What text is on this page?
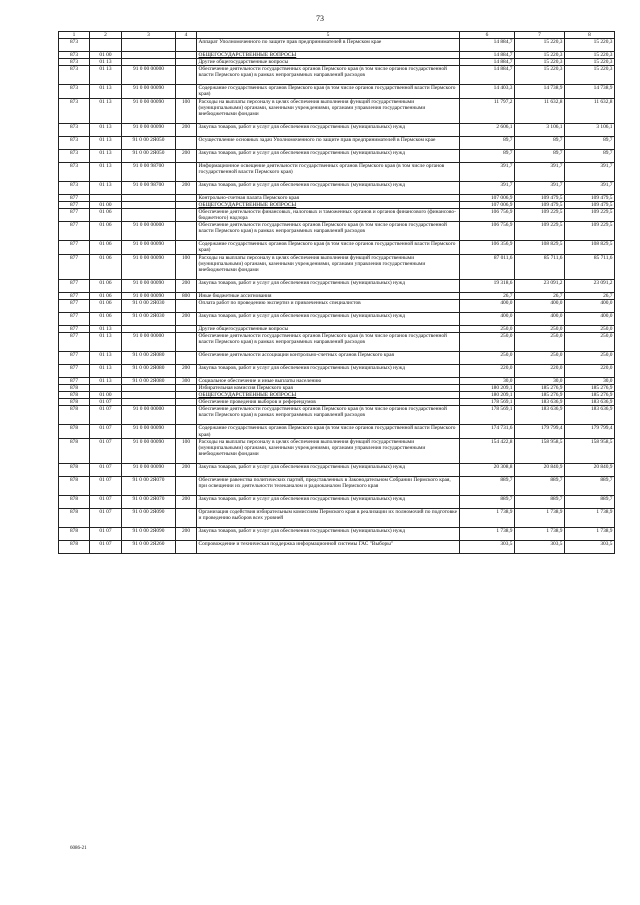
73
1	2	3	4	5	6	7	8
873				Аппарат Уполномоченного по защите прав предпринимателей в Пермском крае	14 884,7	15 220,3	15 220,3
873	01 00			ОБЩЕГОСУДАРСТВЕННЫЕ ВОПРОСЫ	14 884,7	15 220,3	15 220,3
873	01 13			Другие общегосударственные вопросы	14 884,7	15 220,3	15 220,3
873	01 13	91 0 00 00000		Обеспечение деятельности государственных органов Пермского края (в том числе органов государственной власти Пермского края) в рамках непрограммных направлений расходов	14 884,7	15 220,3	15 220,3
873	01 13	91 0 00 00090		Содержание государственных органов Пермского края (в том числе органов государственной власти Пермского края)	14 403,3	14 738,9	14 738,9
873	01 13	91 0 00 00090	100	Расходы на выплаты персоналу в целях обеспечения выполнения функций государственными (муниципальными) органами, казенными учреждениями, органами управления государственными внебюджетными фондами	11 797,2	11 632,8	11 632,8
873	01 13	91 0 00 00090	200	Закупка товаров, работ и услуг для обеспечения государственных (муниципальных) нужд	2 606,1	3 106,1	3 106,1
873	01 13	91 0 00 2Я050		Осуществление основных задач Уполномоченного по защите прав предпринимателей в Пермском крае	89,7	89,7	89,7
873	01 13	91 0 00 2Я050	200	Закупка товаров, работ и услуг для обеспечения государственных (муниципальных) нужд	89,7	89,7	89,7
873	01 13	91 0 00 98700		Информационное освещение деятельности государственных органов Пермского края (в том числе органов государственной власти Пермского края)	391,7	391,7	391,7
873	01 13	91 0 00 98700	200	Закупка товаров, работ и услуг для обеспечения государственных (муниципальных) нужд	391,7	391,7	391,7
877				Контрольно-счетная палата Пермского края	107 006,9	109 479,5	109 479,5
877	01 00			ОБЩЕГОСУДАРСТВЕННЫЕ ВОПРОСЫ	107 006,9	109 479,5	109 479,5
877	01 06			Обеспечение деятельности финансовых, налоговых и таможенных органов и органов финансового (финансово-бюджетного) надзора	106 756,9	109 229,5	109 229,5
877	01 06	91 0 00 00000		Обеспечение деятельности государственных органов Пермского края (в том числе органов государственной власти Пермского края) в рамках непрограммных направлений расходов	106 756,9	109 229,5	109 229,5
877	01 06	91 0 00 00090		Содержание государственных органов Пермского края (в том числе органов государственной власти Пермского края)	106 356,9	108 829,5	108 829,5
877	01 06	91 0 00 00090	100	Расходы на выплаты персоналу в целях обеспечения выполнения функций государственными (муниципальными) органами, казенными учреждениями, органами управления государственными внебюджетными фондами	87 011,6	85 711,6	85 711,6
877	01 06	91 0 00 00090	200	Закупка товаров, работ и услуг для обеспечения государственных (муниципальных) нужд	19 318,6	23 091,2	23 091,2
877	01 06	91 0 00 00090	800	Иные бюджетные ассигнования	26,7	26,7	26,7
877	01 06	91 0 00 2Я030		Оплата работ по проведению экспертиз и привлеченных специалистов	400,0	400,0	400,0
877	01 06	91 0 00 2Я030	200	Закупка товаров, работ и услуг для обеспечения государственных (муниципальных) нужд	400,0	400,0	400,0
877	01 13			Другие общегосударственные вопросы	250,0	250,0	250,0
877	01 13	91 0 00 00000		Обеспечение деятельности государственных органов Пермского края (в том числе органов государственной власти Пермского края) в рамках непрограммных направлений расходов	250,0	250,0	250,0
877	01 13	91 0 00 2Я080		Обеспечение деятельности ассоциации контрольно-счетных органов Пермского края	250,0	250,0	250,0
877	01 13	91 0 00 2Я080	200	Закупка товаров, работ и услуг для обеспечения государственных (муниципальных) нужд	220,0	220,0	220,0
877	01 13	91 0 00 2Я080	300	Социальное обеспечение и иные выплаты населению	30,0	30,0	30,0
878				Избирательная комиссия Пермского края	180 209,1	185 276,9	185 276,9
878	01 00			ОБЩЕГОСУДАРСТВЕННЫЕ ВОПРОСЫ	180 209,1	185 276,9	185 276,9
878	01 07			Обеспечение проведения выборов и референдумов	178 569,1	183 636,9	183 636,9
878	01 07	91 0 00 00000		Обеспечение деятельности государственных органов Пермского края (в том числе органов государственной власти Пермского края) в рамках непрограммных направлений расходов	178 569,1	183 636,9	183 636,9
878	01 07	91 0 00 00090		Содержание государственных органов Пермского края (в том числе органов государственной власти Пермского края)	174 731,6	179 799,4	179 799,4
878	01 07	91 0 00 00090	100	Расходы на выплаты персоналу в целях обеспечения выполнения функций государственными (муниципальными) органами, казенными учреждениями, органами управления государственными внебюджетными фондами	154 422,8	158 958,5	158 958,5
878	01 07	91 0 00 00090	200	Закупка товаров, работ и услуг для обеспечения государственных (муниципальных) нужд	20 308,8	20 840,9	20 840,9
878	01 07	91 0 00 2Я070		Обеспечение равенства политических партий, представленных в Законодательном Собрании Пермского края, при освещении их деятельности телеканалом и радиоканалом Пермского края	889,7	889,7	889,7
878	01 07	91 0 00 2Я070	200	Закупка товаров, работ и услуг для обеспечения государственных (муниципальных) нужд	889,7	889,7	889,7
878	01 07	91 0 00 2Я090		Организация содействия избирательным комиссиям Пермского края в реализации их полномочий по подготовке и проведению выборов всех уровней	1 738,9	1 738,9	1 738,9
878	01 07	91 0 00 2Я090	200	Закупка товаров, работ и услуг для обеспечения государственных (муниципальных) нужд	1 738,9	1 738,9	1 738,9
878	01 07	91 0 00 2Я260		Сопровождение и техническая поддержка информационной системы ГАС "Выборы"	303,5	303,5	303,5
6086-21
